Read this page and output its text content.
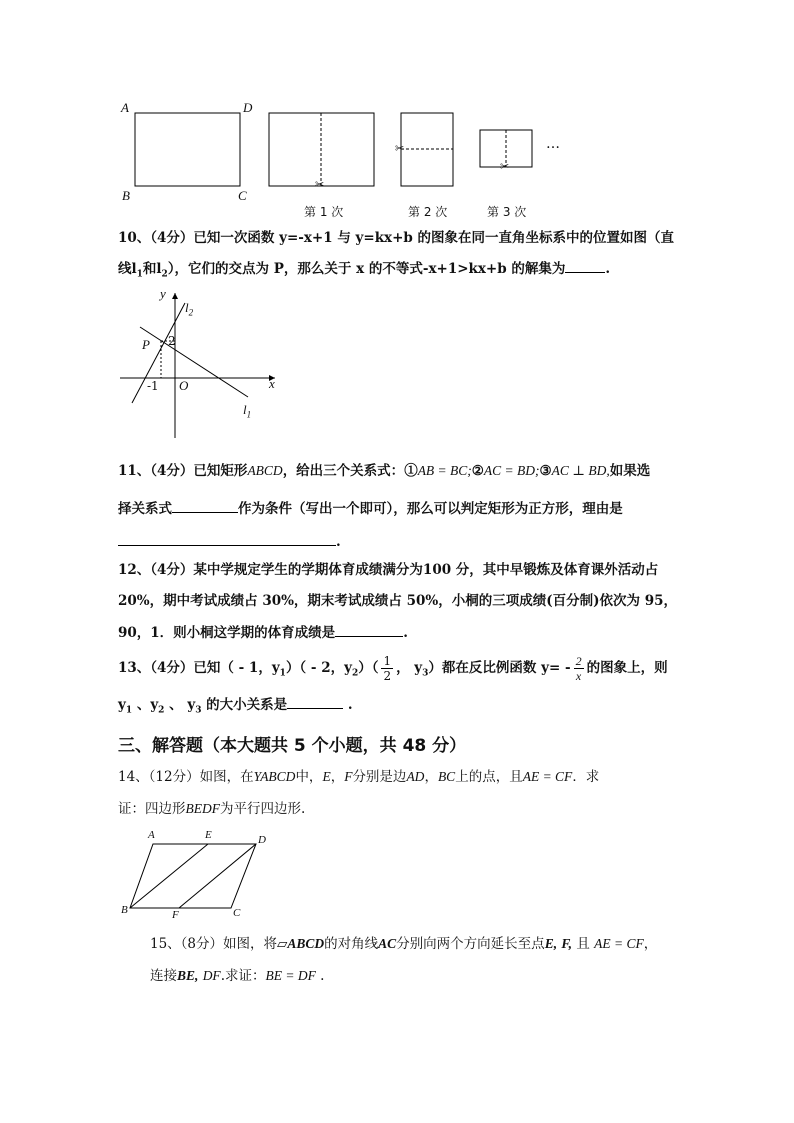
A	D
B	C
✂
✂
✂
…
第 1 次	第 2 次	第 3 次
10、（4分）已知一次函数 y=-x+1 与 y=kx+b 的图象在同一直角坐标系中的位置如图（直
线$l_1$和$l_2$），它们的交点为 P，那么关于 x 的不等式-x+1>kx+b 的解集为	.
y
$l_2$
P 2
-1 O	x
$l_1$
11、（4分）已知矩形ABCD，给出三个关系式：①AB = BC;②AC = BD;③AC ⊥ BD,如果选
择关系式	作为条件（写出一个即可），那么可以判定矩形为正方形，理由是
.
12、（4分）某中学规定学生的学期体育成绩满分为100 分，其中早锻炼及体育课外活动占
20%，期中考试成绩占 30%，期末考试成绩占 50%，小桐的三项成绩(百分制)依次为 95，
90，1．则小桐这学期的体育成绩是	.
13、（4分）已知（ - 1，$y_1)( - 2$，$y_2)( \frac{1}{2}$ ， $y_3$）都在反比例函数 $y= - \frac{2}{x}$ 的图象上，则
$y_1$ 、$y_2$ 、 $y_3$ 的大小关系是	.
三、解答题（本大题共 5 个小题，共 48 分）
14、（12分）如图，在YABCD中，E，F分别是边AD，BC上的点，且AE = CF．求
证：四边形BEDF为平行四边形.
A	E	D
B	F	C
15、（8分）如图，将▱ABCD的对角线AC分别向两个方向延长至点E, F, 且 AE = CF，
连接BE, DF.求证：BE = DF .
